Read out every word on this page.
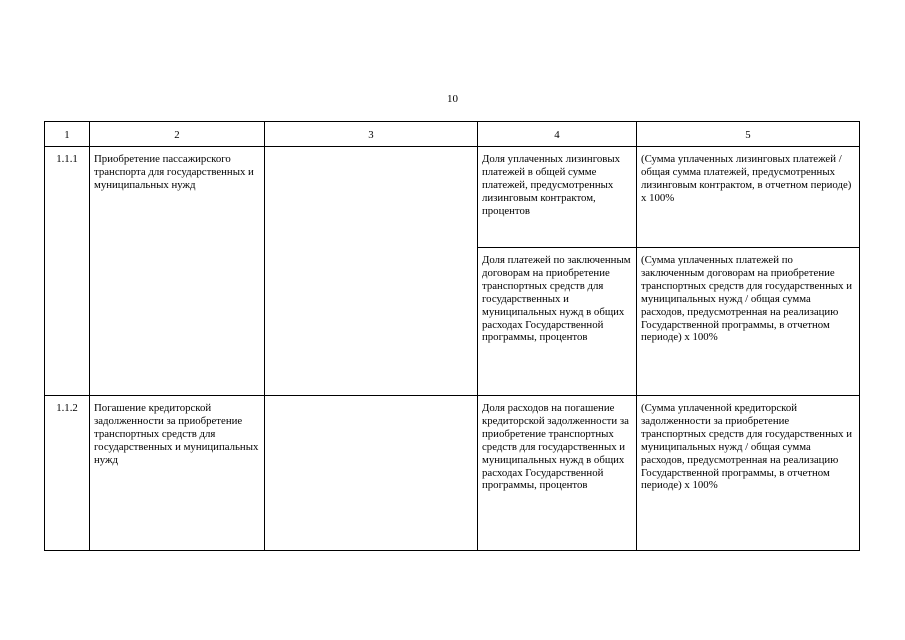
10
1	2	3	4	5
1.1.1	Приобретение пассажирского транспорта для государственных и муниципальных нужд		Доля уплаченных лизинговых платежей в общей сумме платежей, предусмотренных лизинговым контрактом, процентов	(Сумма уплаченных лизинговых платежей / общая сумма платежей, предусмотренных лизинговым контрактом, в отчетном периоде) х 100%
			Доля платежей по заключенным договорам на приобретение транспортных средств для государственных и муниципальных нужд в общих расходах Государственной программы, процентов	(Сумма уплаченных платежей по заключенным договорам на приобретение транспортных средств для государственных и муниципальных нужд / общая сумма расходов, предусмотренная на реализацию Государственной программы, в отчетном периоде) х 100%
1.1.2	Погашение кредиторской задолженности за приобретение транспортных средств для государственных и муниципальных нужд		Доля расходов на погашение кредиторской задолженности за приобретение транспортных средств для государственных и муниципальных нужд в общих расходах Государственной программы, процентов	(Сумма уплаченной кредиторской задолженности за приобретение транспортных средств для государственных и муниципальных нужд / общая сумма расходов, предусмотренная на реализацию Государственной программы, в отчетном периоде) х 100%
